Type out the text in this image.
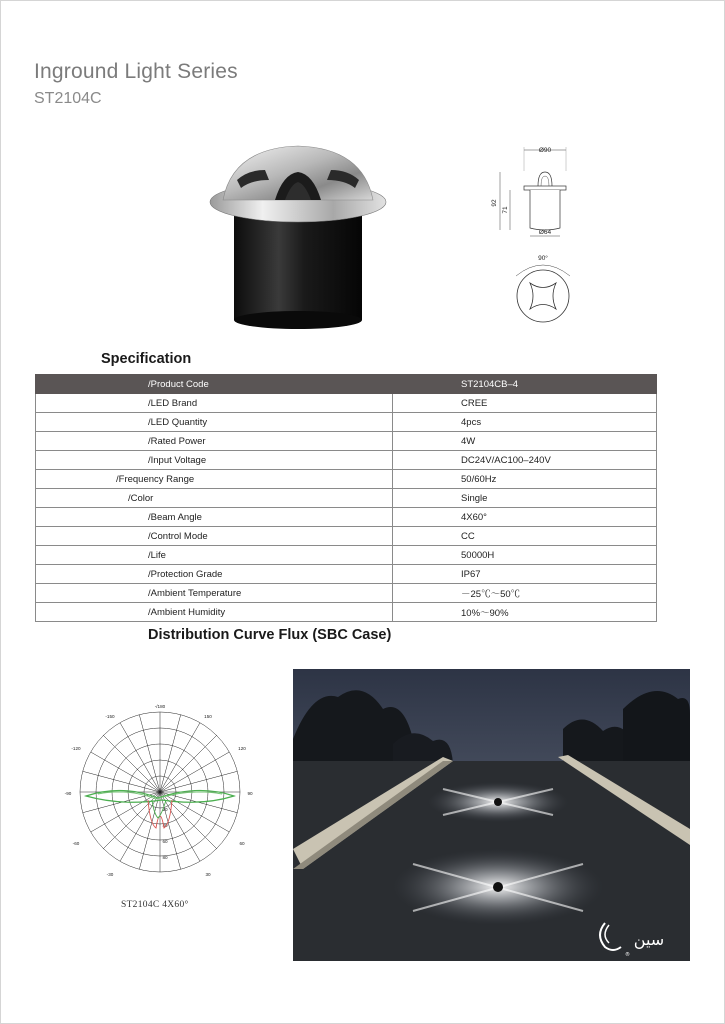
Inground Light Series
ST2104C
Ø90
92
71
Ø64
90°
Specification
/Product Code	ST2104CB–4
/LED Brand	CREE
/LED Quantity	4pcs
/Rated Power	4W
/Input Voltage	DC24V/AC100–240V
/Frequency Range	50/60Hz
/Color	Single
/Beam Angle	4X60°
/Control Mode	CC
/Life	50000H
/Protection Grade	IP67
/Ambient Temperature	－25℃～50℃
/Ambient Humidity	10%～90%
Distribution Curve Flux (SBC Case)
-/180
-150	150
-120	120
-90	90
-60	60
-30	30
20
40
60
80
ST2104C 4X60°
سين
®
